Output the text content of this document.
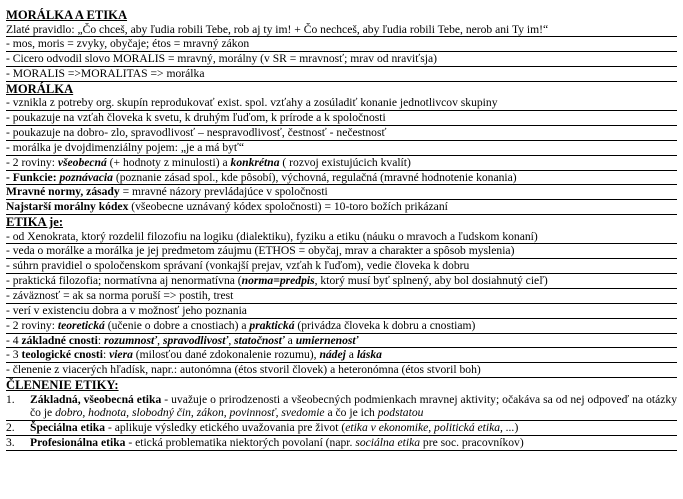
MORÁLKA A ETIKA
Zlaté pravidlo: „Čo chceš, aby ľudia robili Tebe, rob aj ty im! + Čo nechceš, aby ľudia robili Tebe, nerob ani Ty im!“
- mos, moris = zvyky, obyčaje; étos = mravný zákon
- Cicero odvodil slovo MORALIS = mravný, morálny (v SR = mravnosť; mrav od nraviťsja)
- MORALIS =>MORALITAS => morálka
MORÁLKA
- vznikla z potreby org. skupín reprodukovať exist. spol. vzťahy a zosúladiť konanie jednotlivcov skupiny
- poukazuje na vzťah človeka k svetu, k druhým ľuďom, k prírode a k spoločnosti
- poukazuje na dobro- zlo, spravodlivosť – nespravodlivosť, čestnosť - nečestnosť
- morálka je dvojdimenziálny pojem: „je a má byť“
- 2 roviny: všeobecná (+ hodnoty z minulosti) a konkrétna ( rozvoj existujúcich kvalít)
- Funkcie: poznávacia (poznanie zásad spol., kde pôsobí), výchovná, regulačná (mravné hodnotenie konania)
Mravné normy, zásady = mravné názory prevládajúce v spoločnosti
Najstarší morálny kódex (všeobecne uznávaný kódex spoločnosti) = 10-toro božích prikázaní
ETIKA je:
- od Xenokrata, ktorý rozdelil filozofiu na logiku (dialektiku), fyziku a etiku (náuku o mravoch a ľudskom konaní)
- veda o morálke a morálka je jej predmetom záujmu (ETHOS = obyčaj, mrav a charakter a spôsob myslenia)
- súhrn pravidiel o spoločenskom správaní (vonkajší prejav, vzťah k ľuďom), vedie človeka k dobru
- praktická filozofia; normatívna aj nenormatívna (norma=predpis, ktorý musí byť splnený, aby bol dosiahnutý cieľ)
- záväznosť = ak sa norma poruší => postih, trest
- verí v existenciu dobra a v možnosť jeho poznania
- 2 roviny: teoretická (učenie o dobre a cnostiach) a praktická (privádza človeka k dobru a cnostiam)
- 4 základné cnosti: rozumnosť, spravodlivosť, statočnosť a umiernenosť
- 3 teologické cnosti: viera (milosťou dané zdokonalenie rozumu), nádej a láska
- členenie z viacerých hľadísk, napr.: autonómna (étos stvoril človek) a heteronómna (étos stvoril boh)
ČLENENIE ETIKY:
1.	Základná, všeobecná etika - uvažuje o prirodzenosti a všeobecných podmienkach mravnej aktivity; očakáva sa od nej odpoveď na otázky čo je dobro, hodnota, slobodný čin, zákon, povinnosť, svedomie a čo je ich podstatou
2.	Špeciálna etika - aplikuje výsledky etického uvažovania pre život (etika v ekonomike, politická etika, ...)
3.	Profesionálna etika - etická problematika niektorých povolaní (napr. sociálna etika pre soc. pracovníkov)
